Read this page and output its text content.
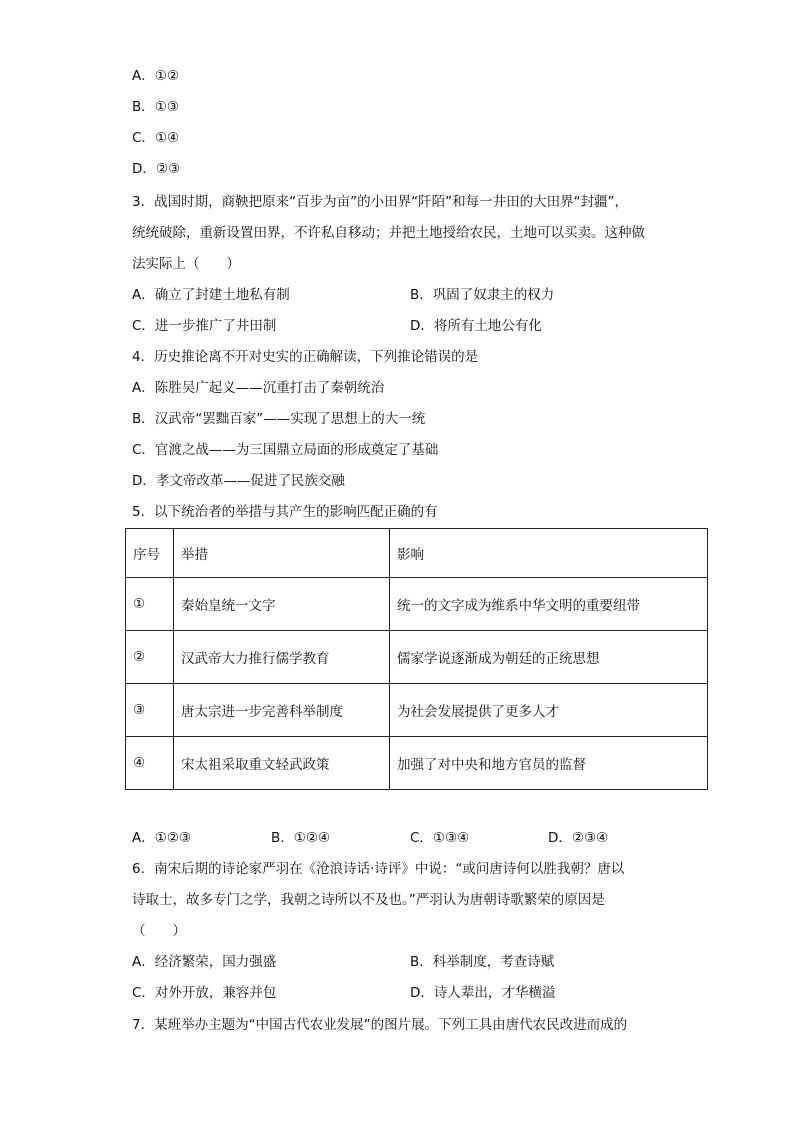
A．①②
B．①③
C．①④
D．②③
3．战国时期，商鞅把原来“百步为亩”的小田界“阡陌”和每一井田的大田界“封疆”，
统统破除，重新设置田界，不许私自移动；并把土地授给农民，土地可以买卖。这种做
法实际上（　　）
A．确立了封建土地私有制	B．巩固了奴隶主的权力
C．进一步推广了井田制	D．将所有土地公有化
4．历史推论离不开对史实的正确解读，下列推论错误的是
A．陈胜吴广起义——沉重打击了秦朝统治
B．汉武帝“罢黜百家”——实现了思想上的大一统
C．官渡之战——为三国鼎立局面的形成奠定了基础
D．孝文帝改革——促进了民族交融
5．以下统治者的举措与其产生的影响匹配正确的有
序号	举措	影响
①	秦始皇统一文字	统一的文字成为维系中华文明的重要纽带
②	汉武帝大力推行儒学教育	儒家学说逐渐成为朝廷的正统思想
③	唐太宗进一步完善科举制度	为社会发展提供了更多人才
④	宋太祖采取重文轻武政策	加强了对中央和地方官员的监督
A．①②③	B．①②④	C．①③④	D．②③④
6．南宋后期的诗论家严羽在《沧浪诗话·诗评》中说：“或问唐诗何以胜我朝？唐以
诗取士，故多专门之学，我朝之诗所以不及也。”严羽认为唐朝诗歌繁荣的原因是
（　　）
A．经济繁荣，国力强盛	B．科举制度，考查诗赋
C．对外开放，兼容并包	D．诗人辈出，才华横溢
7．某班举办主题为“中国古代农业发展”的图片展。下列工具由唐代农民改进而成的
